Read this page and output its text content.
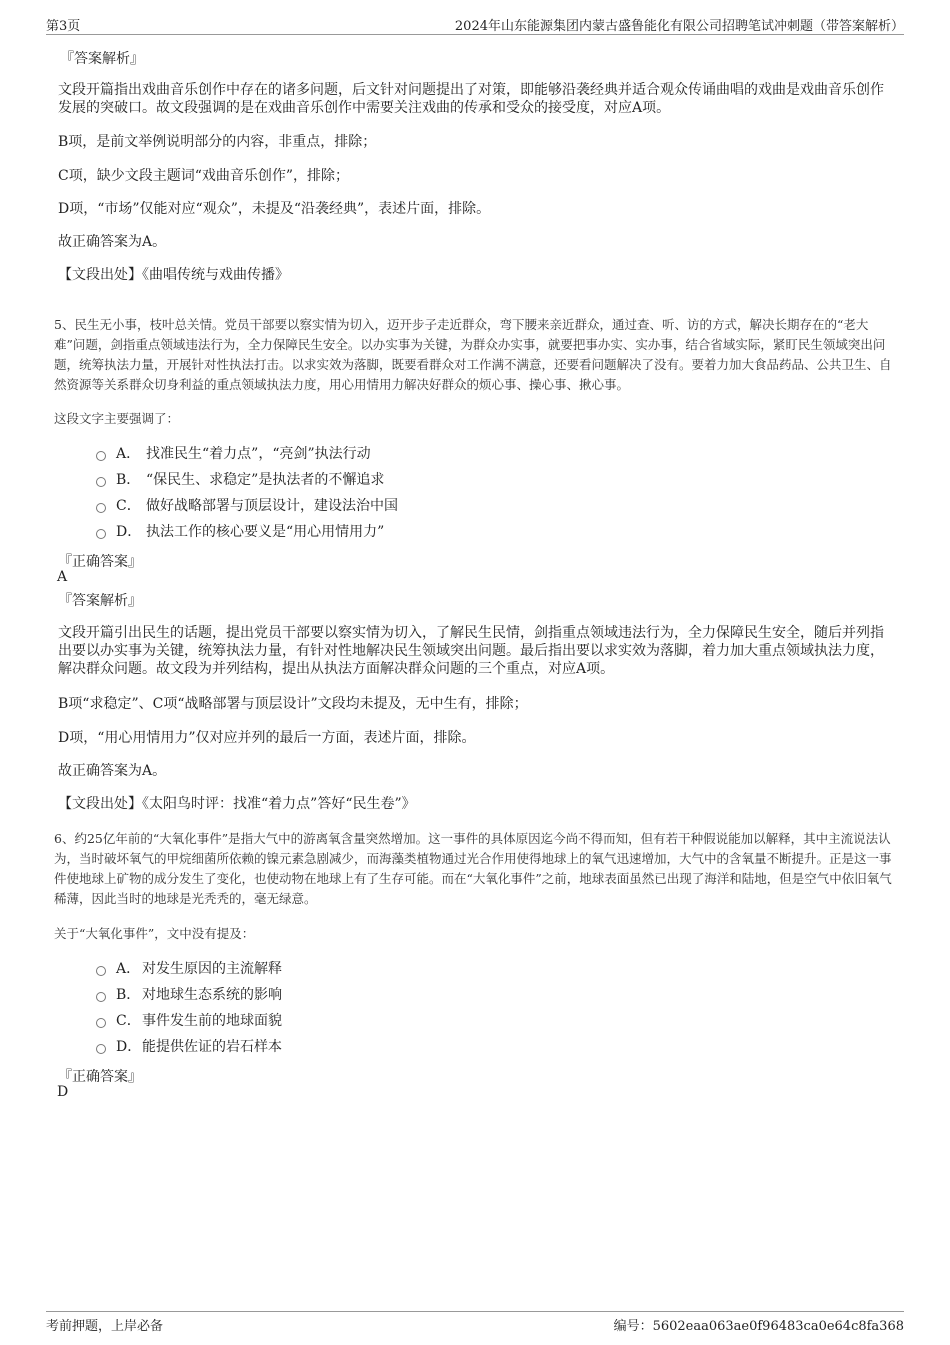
第3页	2024年山东能源集团内蒙古盛鲁能化有限公司招聘笔试冲刺题（带答案解析）
『答案解析』
文段开篇指出戏曲音乐创作中存在的诸多问题，后文针对问题提出了对策，即能够沿袭经典并适合观众传诵曲唱的戏曲是戏曲音乐创作发展的突破口。故文段强调的是在戏曲音乐创作中需要关注戏曲的传承和受众的接受度，对应A项。
B项，是前文举例说明部分的内容，非重点，排除；
C项，缺少文段主题词“戏曲音乐创作”，排除；
D项，“市场”仅能对应“观众”，未提及“沿袭经典”，表述片面，排除。
故正确答案为A。
【文段出处】《曲唱传统与戏曲传播》
5、民生无小事，枝叶总关情。党员干部要以察实情为切入，迈开步子走近群众，弯下腰来亲近群众，通过查、听、访的方式，解决长期存在的“老大难”问题，剑指重点领域违法行为，全力保障民生安全。以办实事为关键，为群众办实事，就要把事办实、实办事，结合省域实际，紧盯民生领域突出问题，统筹执法力量，开展针对性执法打击。以求实效为落脚，既要看群众对工作满不满意，还要看问题解决了没有。要着力加大食品药品、公共卫生、自然资源等关系群众切身利益的重点领域执法力度，用心用情用力解决好群众的烦心事、操心事、揪心事。
这段文字主要强调了：
A． 找准民生“着力点”，“亮剑”执法行动
B． “保民生、求稳定”是执法者的不懈追求
C． 做好战略部署与顶层设计，建设法治中国
D． 执法工作的核心要义是“用心用情用力”
『正确答案』
A
『答案解析』
文段开篇引出民生的话题，提出党员干部要以察实情为切入，了解民生民情，剑指重点领域违法行为，全力保障民生安全，随后并列指出要以办实事为关键，统筹执法力量，有针对性地解决民生领域突出问题。最后指出要以求实效为落脚，着力加大重点领域执法力度，解决群众问题。故文段为并列结构，提出从执法方面解决群众问题的三个重点，对应A项。
B项“求稳定”、C项“战略部署与顶层设计”文段均未提及，无中生有，排除；
D项，“用心用情用力”仅对应并列的最后一方面，表述片面，排除。
故正确答案为A。
【文段出处】《太阳鸟时评：找准“着力点”答好“民生卷”》
6、约25亿年前的“大氧化事件”是指大气中的游离氧含量突然增加。这一事件的具体原因迄今尚不得而知，但有若干种假说能加以解释，其中主流说法认为，当时破坏氧气的甲烷细菌所依赖的镍元素急剧减少，而海藻类植物通过光合作用使得地球上的氧气迅速增加，大气中的含氧量不断提升。正是这一事件使地球上矿物的成分发生了变化，也使动物在地球上有了生存可能。而在“大氧化事件”之前，地球表面虽然已出现了海洋和陆地，但是空气中依旧氧气稀薄，因此当时的地球是光秃秃的，毫无绿意。
关于“大氧化事件”，文中没有提及：
A． 对发生原因的主流解释
B． 对地球生态系统的影响
C． 事件发生前的地球面貌
D． 能提供佐证的岩石样本
『正确答案』
D
考前押题，上岸必备	编号：5602eaa063ae0f96483ca0e64c8fa368
